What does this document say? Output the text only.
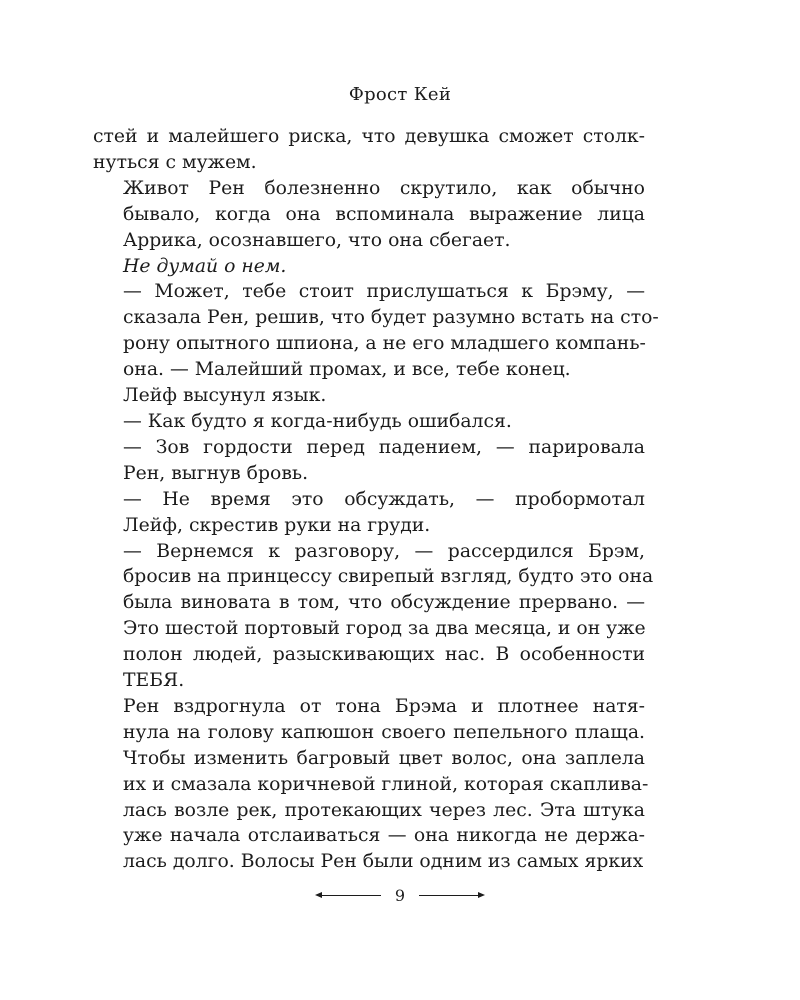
Фрост Кей
стей и малейшего риска, что девушка сможет столк-
нуться с мужем.
Живот Рен болезненно скрутило, как обычно
бывало, когда она вспоминала выражение лица
Аррика, осознавшего, что она сбегает.
Не думай о нем.
— Может, тебе стоит прислушаться к Брэму, —
сказала Рен, решив, что будет разумно встать на сто-
рону опытного шпиона, а не его младшего компань-
она. — Малейший промах, и все, тебе конец.
Лейф высунул язык.
— Как будто я когда-нибудь ошибался.
— Зов гордости перед падением, — парировала
Рен, выгнув бровь.
— Не время это обсуждать, — пробормотал
Лейф, скрестив руки на груди.
— Вернемся к разговору, — рассердился Брэм,
бросив на принцессу свирепый взгляд, будто это она
была виновата в том, что обсуждение прервано. —
Это шестой портовый город за два месяца, и он уже
полон людей, разыскивающих нас. В особенности
ТЕБЯ.
Рен вздрогнула от тона Брэма и плотнее натя-
нула на голову капюшон своего пепельного плаща.
Чтобы изменить багровый цвет волос, она заплела
их и смазала коричневой глиной, которая скаплива-
лась возле рек, протекающих через лес. Эта штука
уже начала отслаиваться — она никогда не держа-
лась долго. Волосы Рен были одним из самых ярких
9
